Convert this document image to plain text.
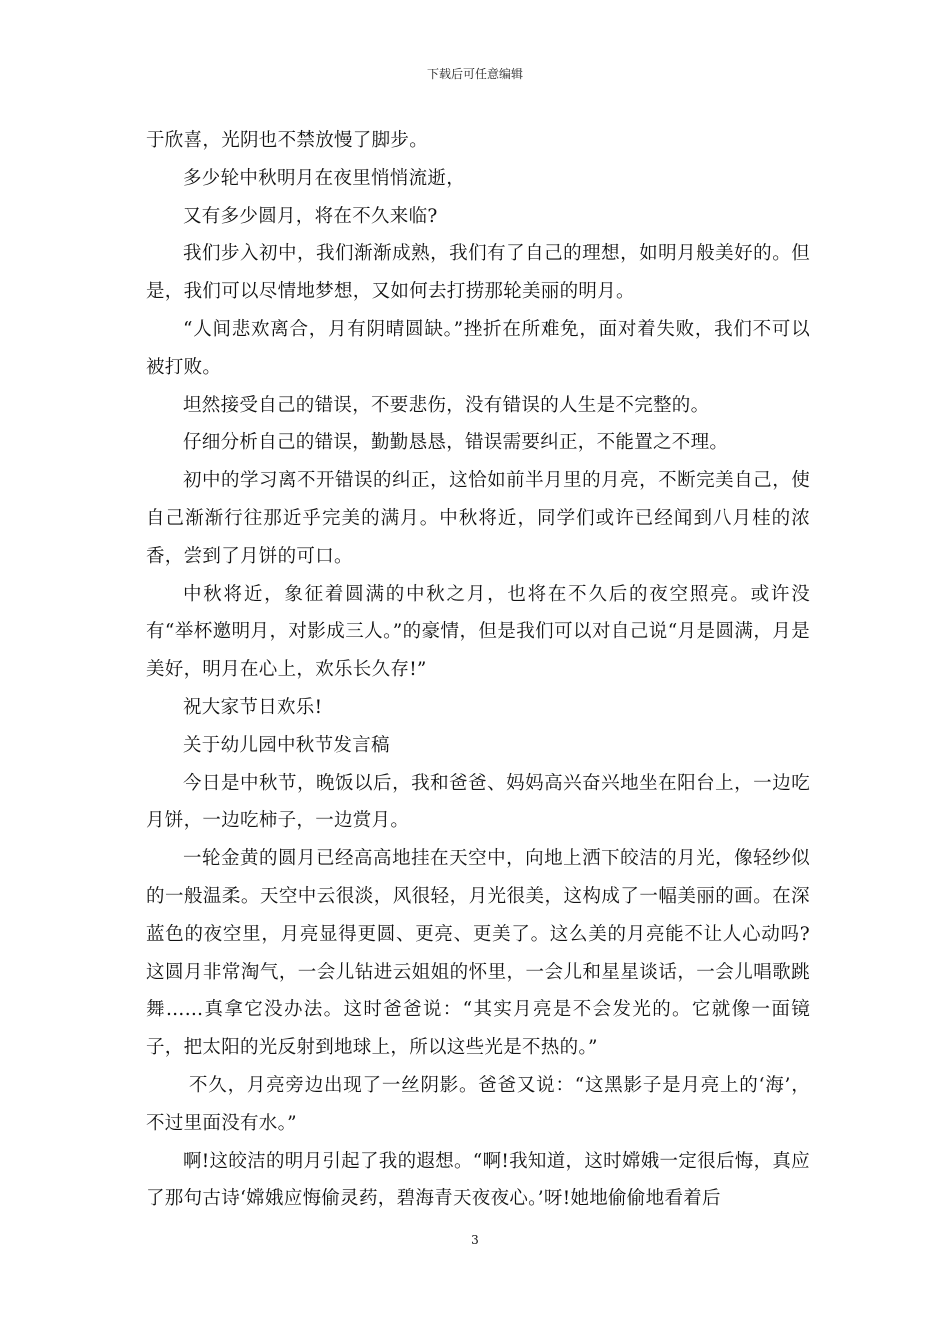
下载后可任意编辑

于欣喜，光阴也不禁放慢了脚步。

多少轮中秋明月在夜里悄悄流逝，

又有多少圆月，将在不久来临?

我们步入初中，我们渐渐成熟，我们有了自己的理想，如明月般美好的。但是，我们可以尽情地梦想，又如何去打捞那轮美丽的明月。

“人间悲欢离合，月有阴晴圆缺。”挫折在所难免，面对着失败，我们不可以被打败。

坦然接受自己的错误，不要悲伤，没有错误的人生是不完整的。

仔细分析自己的错误，勤勤恳恳，错误需要纠正，不能置之不理。

初中的学习离不开错误的纠正，这恰如前半月里的月亮，不断完美自己，使自己渐渐行往那近乎完美的满月。中秋将近，同学们或许已经闻到八月桂的浓香，尝到了月饼的可口。

中秋将近，象征着圆满的中秋之月，也将在不久后的夜空照亮。或许没有“举杯邀明月，对影成三人。”的豪情，但是我们可以对自己说“月是圆满，月是美好，明月在心上，欢乐长久存!”

祝大家节日欢乐!

关于幼儿园中秋节发言稿

今日是中秋节，晚饭以后，我和爸爸、妈妈高兴奋兴地坐在阳台上，一边吃月饼，一边吃柿子，一边赏月。

一轮金黄的圆月已经高高地挂在天空中，向地上洒下皎洁的月光，像轻纱似的一般温柔。天空中云很淡，风很轻，月光很美，这构成了一幅美丽的画。在深蓝色的夜空里，月亮显得更圆、更亮、更美了。这么美的月亮能不让人心动吗?这圆月非常淘气，一会儿钻进云姐姐的怀里，一会儿和星星谈话，一会儿唱歌跳舞……真拿它没办法。这时爸爸说：“其实月亮是不会发光的。它就像一面镜子，把太阳的光反射到地球上，所以这些光是不热的。”

不久，月亮旁边出现了一丝阴影。爸爸又说：“这黑影子是月亮上的‘海’，不过里面没有水。”

啊!这皎洁的明月引起了我的遐想。“啊!我知道，这时嫦娥一定很后悔，真应了那句古诗‘嫦娥应悔偷灵药，碧海青天夜夜心。’呀!她地偷偷地看着后

3
